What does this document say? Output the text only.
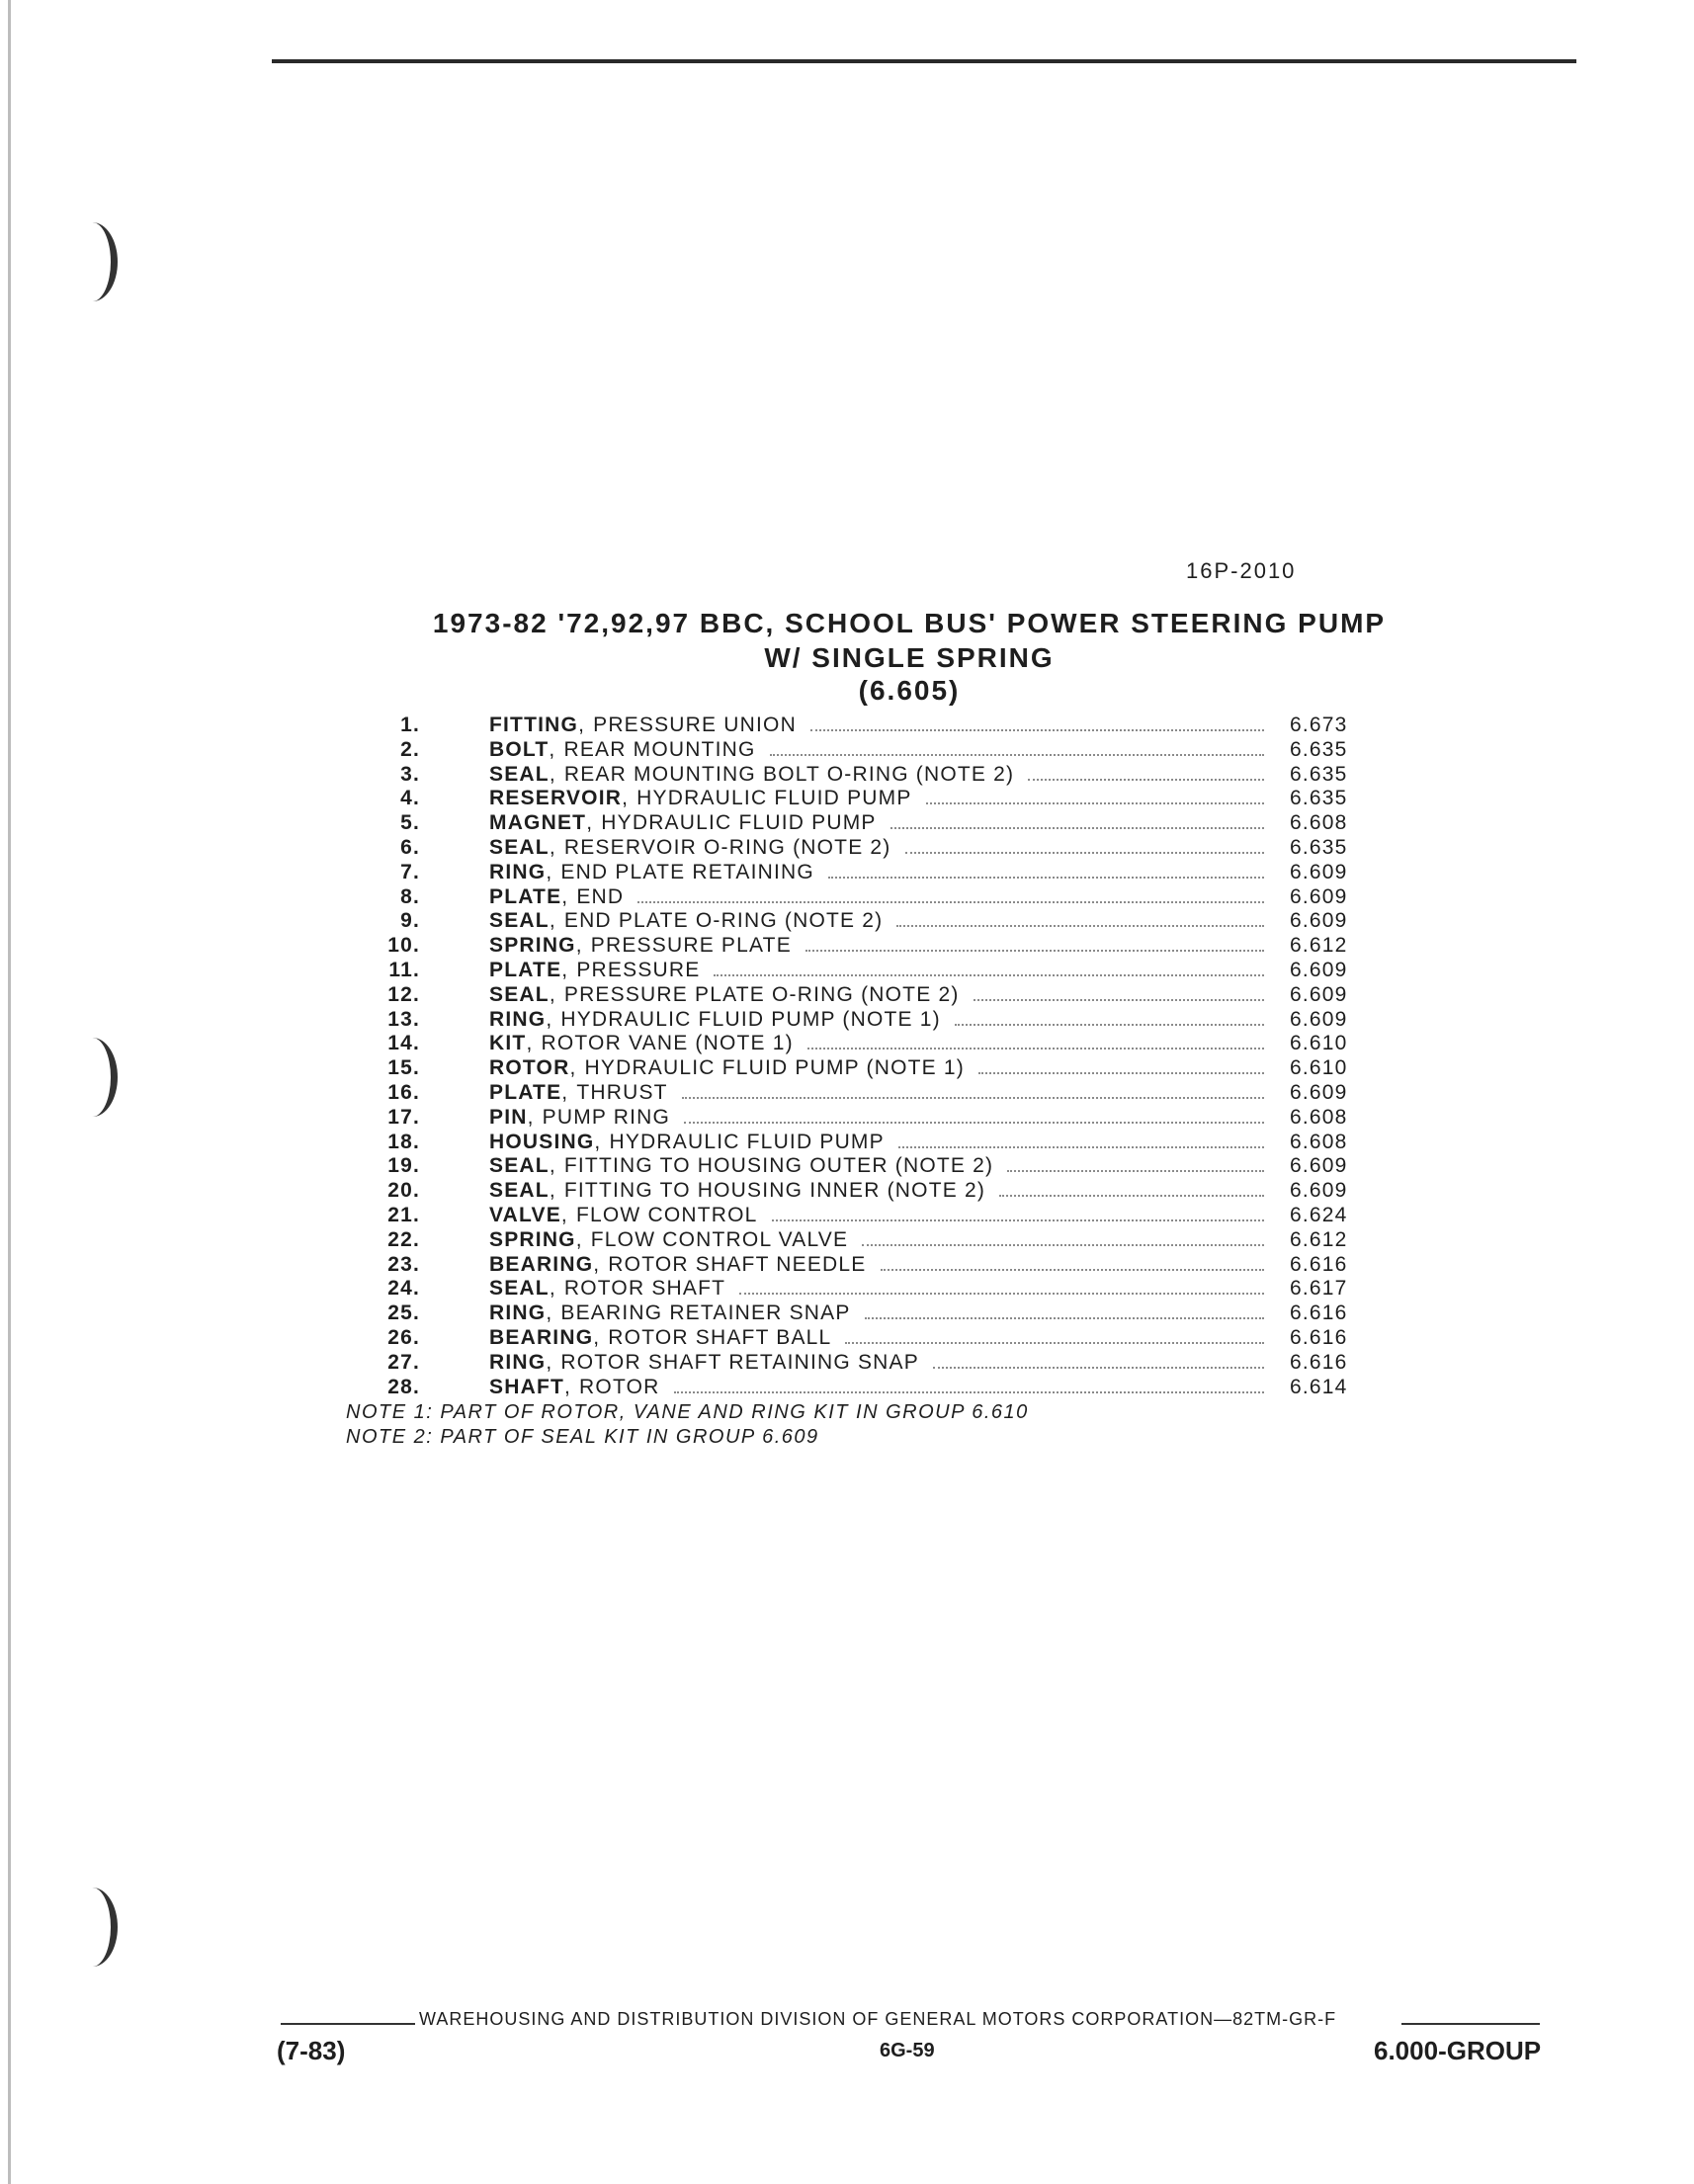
16P-2010
1973-82 '72,92,97 BBC, SCHOOL BUS' POWER STEERING PUMP
W/ SINGLE SPRING
(6.605)
1.	FITTING , PRESSURE UNION	6.673
2.	BOLT , REAR MOUNTING	6.635
3.	SEAL , REAR MOUNTING BOLT O-RING (NOTE 2)	6.635
4.	RESERVOIR , HYDRAULIC FLUID PUMP	6.635
5.	MAGNET , HYDRAULIC FLUID PUMP	6.608
6.	SEAL , RESERVOIR O-RING (NOTE 2)	6.635
7.	RING , END PLATE RETAINING	6.609
8.	PLATE , END	6.609
9.	SEAL , END PLATE O-RING (NOTE 2)	6.609
10.	SPRING , PRESSURE PLATE	6.612
11.	PLATE , PRESSURE	6.609
12.	SEAL , PRESSURE PLATE O-RING (NOTE 2)	6.609
13.	RING , HYDRAULIC FLUID PUMP (NOTE 1)	6.609
14.	KIT , ROTOR VANE (NOTE 1)	6.610
15.	ROTOR , HYDRAULIC FLUID PUMP (NOTE 1)	6.610
16.	PLATE , THRUST	6.609
17.	PIN , PUMP RING	6.608
18.	HOUSING , HYDRAULIC FLUID PUMP	6.608
19.	SEAL , FITTING TO HOUSING OUTER (NOTE 2)	6.609
20.	SEAL , FITTING TO HOUSING INNER (NOTE 2)	6.609
21.	VALVE , FLOW CONTROL	6.624
22.	SPRING , FLOW CONTROL VALVE	6.612
23.	BEARING , ROTOR SHAFT NEEDLE	6.616
24.	SEAL , ROTOR SHAFT	6.617
25.	RING , BEARING RETAINER SNAP	6.616
26.	BEARING , ROTOR SHAFT BALL	6.616
27.	RING , ROTOR SHAFT RETAINING SNAP	6.616
28.	SHAFT , ROTOR	6.614
NOTE 1: PART OF ROTOR, VANE AND RING KIT IN GROUP 6.610
NOTE 2: PART OF SEAL KIT IN GROUP 6.609
WAREHOUSING AND DISTRIBUTION DIVISION OF GENERAL MOTORS CORPORATION—82TM-GR-F
(7-83)	6G-59	6.000-GROUP
